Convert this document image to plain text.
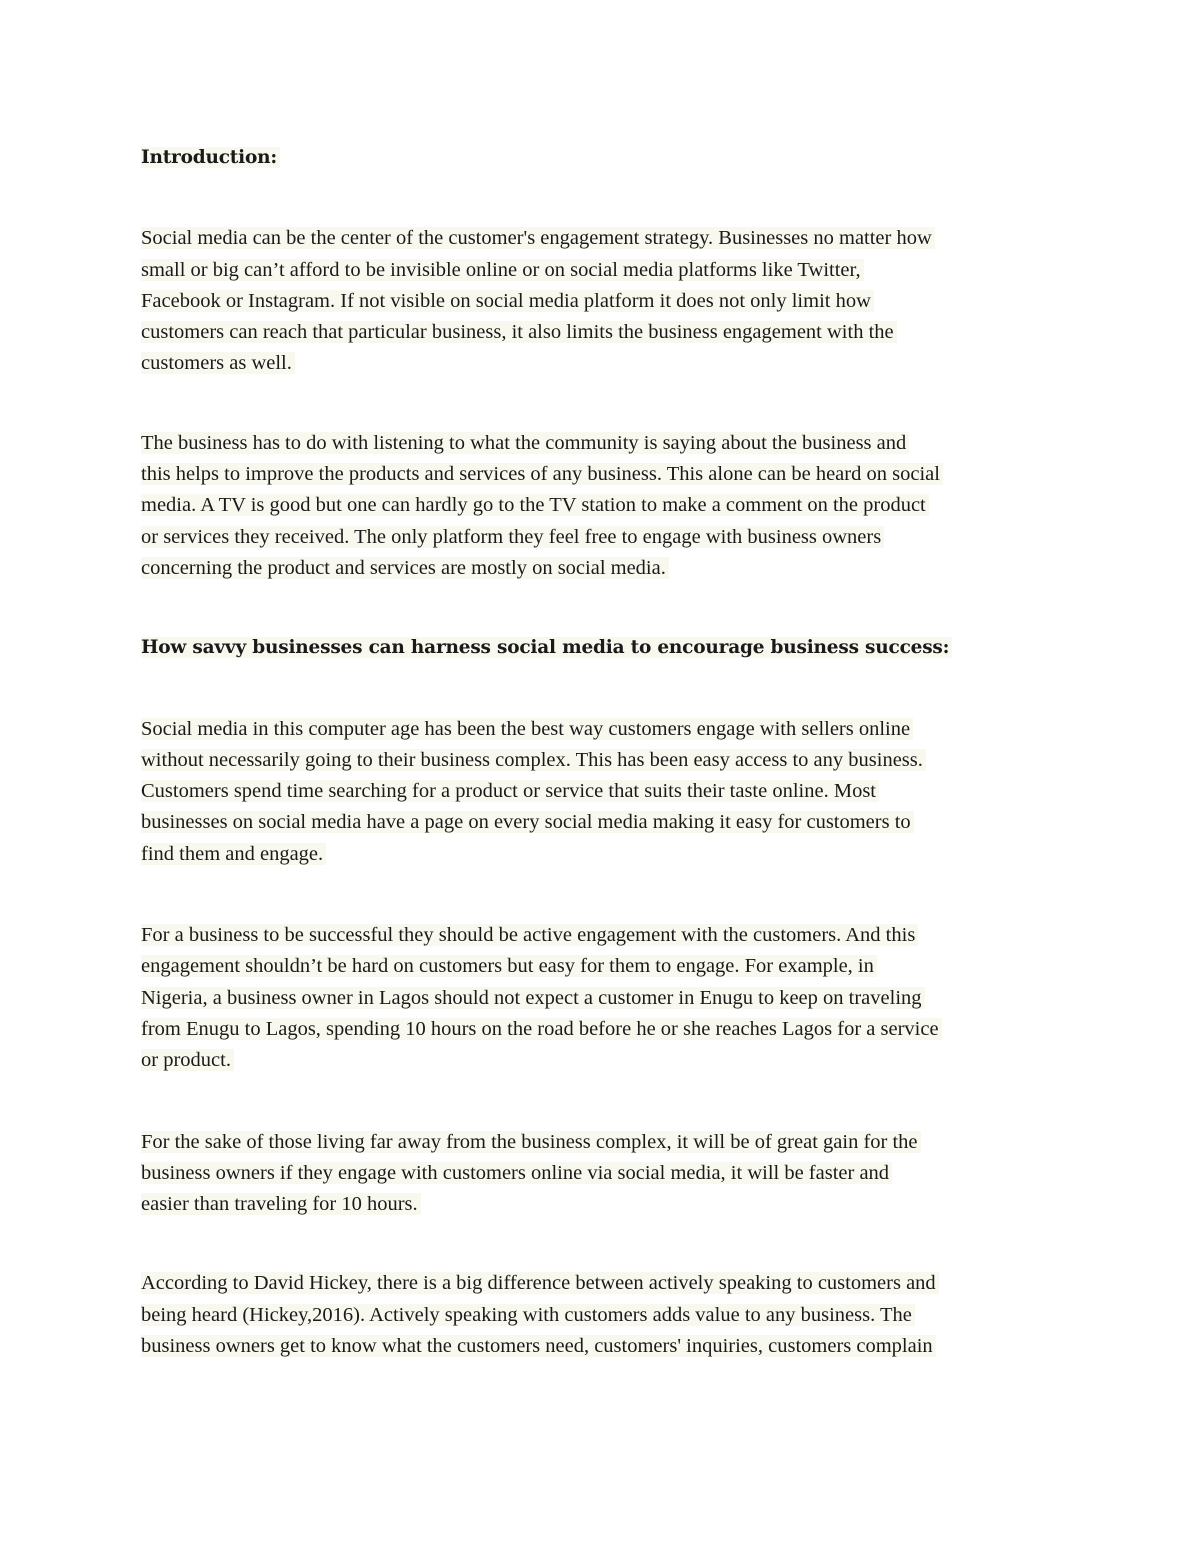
Introduction:
Social media can be the center of the customer's engagement strategy. Businesses no matter how
small or big can’t afford to be invisible online or on social media platforms like Twitter,
Facebook or Instagram. If not visible on social media platform it does not only limit how
customers can reach that particular business, it also limits the business engagement with the
customers as well.
The business has to do with listening to what the community is saying about the business and
this helps to improve the products and services of any business. This alone can be heard on social
media. A TV is good but one can hardly go to the TV station to make a comment on the product
or services they received. The only platform they feel free to engage with business owners
concerning the product and services are mostly on social media.
How savvy businesses can harness social media to encourage business success:
Social media in this computer age has been the best way customers engage with sellers online
without necessarily going to their business complex. This has been easy access to any business.
Customers spend time searching for a product or service that suits their taste online. Most
businesses on social media have a page on every social media making it easy for customers to
find them and engage.
For a business to be successful they should be active engagement with the customers. And this
engagement shouldn’t be hard on customers but easy for them to engage. For example, in
Nigeria, a business owner in Lagos should not expect a customer in Enugu to keep on traveling
from Enugu to Lagos, spending 10 hours on the road before he or she reaches Lagos for a service
or product.
For the sake of those living far away from the business complex, it will be of great gain for the
business owners if they engage with customers online via social media, it will be faster and
easier than traveling for 10 hours.
According to David Hickey, there is a big difference between actively speaking to customers and
being heard (Hickey,2016). Actively speaking with customers adds value to any business. The
business owners get to know what the customers need, customers' inquiries, customers complain
